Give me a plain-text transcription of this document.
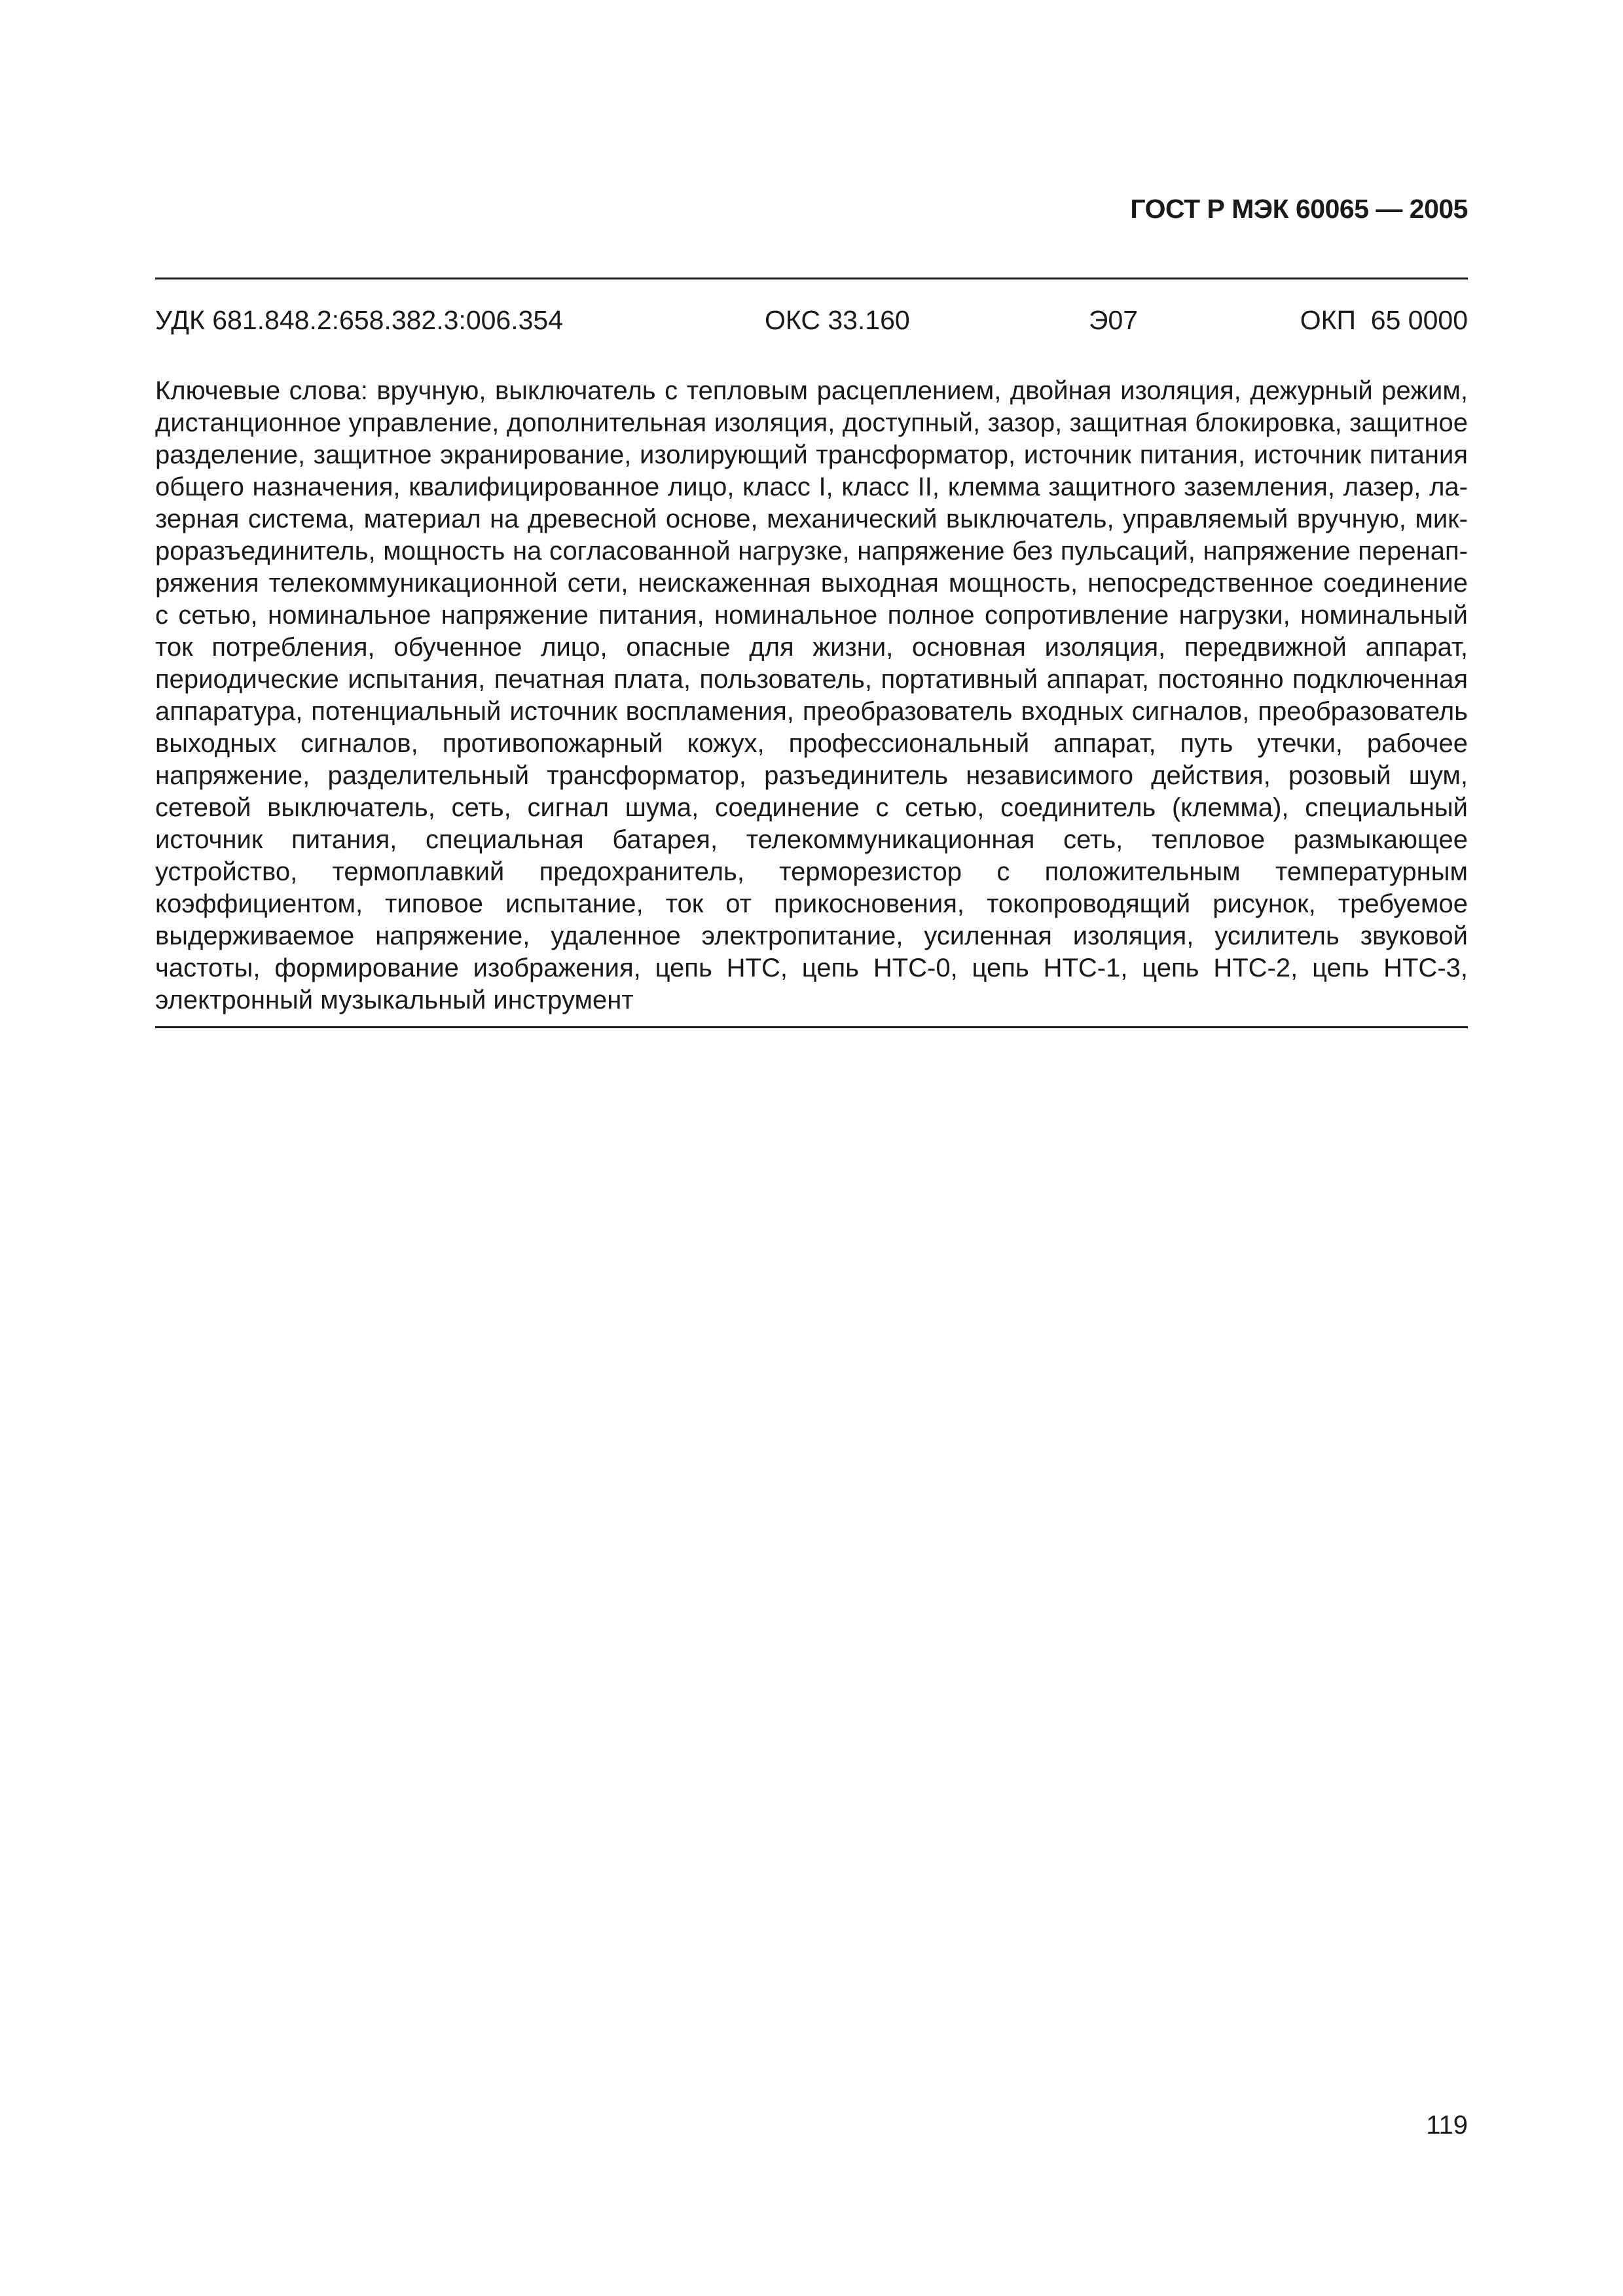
ГОСТ Р МЭК 60065 — 2005
УДК 681.848.2:658.382.3:006.354	ОКС 33.160	Э07	ОКП  65 0000
Ключевые слова: вручную, выключатель с тепловым расцеплением, двойная изоляция, дежурный режим, дистанционное управление, дополнительная изоляция, доступный, зазор, защитная блокировка, защитное разделение, защитное экранирование, изолирующий трансформатор, источник питания, источник питания общего назначения, квалифицированное лицо, класс I, класс II, клемма защитного заземления, лазер, лазерная система, материал на древесной основе, механический выключатель, управляемый вручную, микроразъединитель, мощность на согласованной нагрузке, напряжение без пульсаций, напряжение перенапряжения телекоммуникационной сети, неискаженная выходная мощность, непосредственное соединение с сетью, номинальное напряжение питания, номинальное полное сопротивление нагрузки, номинальный ток потребления, обученное лицо, опасные для жизни, основная изоляция, передвижной аппарат, периодические испытания, печатная плата, пользователь, портативный аппарат, постоянно подключенная аппаратура, потенциальный источник воспламения, преобразователь входных сигналов, преобразователь выходных сигналов, противопожарный кожух, профессиональный аппарат, путь утечки, рабочее напряжение, разделительный трансформатор, разъединитель независимого действия, розовый шум, сетевой выключатель, сеть, сигнал шума, соединение с сетью, соединитель (клемма), специальный источник питания, специальная батарея, телекоммуникационная сеть, тепловое размыкающее устройство, термоплавкий предохранитель, терморезистор с положительным температурным коэффициентом, типовое испытание, ток от прикосновения, токопроводящий рисунок, требуемое выдерживаемое напряжение, удаленное электропитание, усиленная изоляция, усилитель звуковой частоты, формирование изображения, цепь НТС, цепь НТС-0, цепь НТС-1, цепь НТС-2, цепь НТС-3, электронный музыкальный инструмент
119
